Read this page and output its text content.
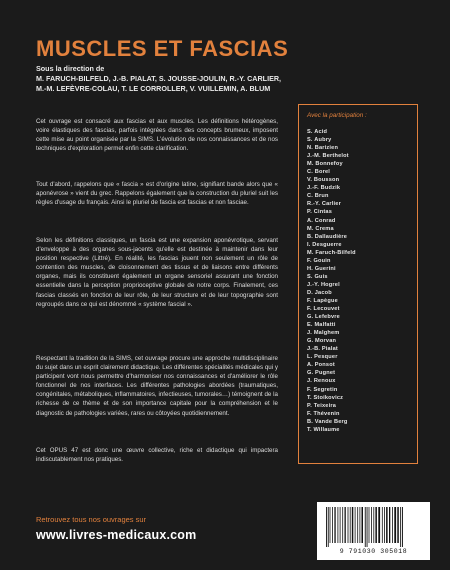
MUSCLES ET FASCIAS
Sous la direction de
M. FARUCH-BILFELD, J.-B. PIALAT, S. JOUSSE-JOULIN, R.-Y. CARLIER,
M.-M. LEFÈVRE-COLAU, T. LE CORROLLER, V. VUILLEMIN, A. BLUM

Cet ouvrage est consacré aux fascias et aux muscles. Les définitions hétérogènes, voire élastiques des fascias, parfois intégrées dans des concepts brumeux, imposent cette mise au point organisée par la SIMS. L'évolution de nos connaissances et de nos techniques d'exploration permet enfin cette clarification.

Tout d'abord, rappelons que « fascia » est d'origine latine, signifiant bande alors que « aponévrose » vient du grec. Rappelons également que la construction du pluriel suit les règles d'usage du français. Ainsi le pluriel de fascia est fascias et non fasciae.

Selon les définitions classiques, un fascia est une expansion aponévrotique, servant d'enveloppe à des organes sous-jacents qu'elle est destinée à maintenir dans leur position respective (Littré). En réalité, les fascias jouent non seulement un rôle de contention des muscles, de cloisonnement des tissus et de liaisons entre différents organes, mais ils constituent également un organe sensoriel assurant une fonction essentielle dans la perception proprioceptive globale de notre corps. Finalement, ces fascias classés en fonction de leur rôle, de leur structure et de leur topographie sont regroupés dans ce qui est dénommé « système fascial ».

Respectant la tradition de la SIMS, cet ouvrage procure une approche multidisciplinaire du sujet dans un esprit clairement didactique. Les différentes spécialités médicales qui y participent vont nous permettre d'harmoniser nos connaissances et d'améliorer le rôle fonctionnel de nos interfaces. Les différentes pathologies abordées (traumatiques, congénitales, métaboliques, inflammatoires, infectieuses, tumorales…) témoignent de la richesse de ce thème et de son importance capitale pour la compréhension et le diagnostic de pathologies variées, rares ou côtoyées quotidiennement.

Cet OPUS 47 est donc une œuvre collective, riche et didactique qui impactera indiscutablement nos pratiques.

Avec la participation :
S. Acid
S. Aubry
N. Barizien
J.-M. Berthelot
M. Bonnefoy
C. Borel
V. Bousson
J.-F. Budzik
C. Brun
R.-Y. Carlier
P. Cintas
A. Conrad
M. Crema
B. Dallaudière
I. Desguerre
M. Faruch-Bilfeld
F. Gouin
H. Guerini
S. Guis
J.-Y. Hogrel
D. Jacob
F. Lapègue
F. Lecouvet
G. Lefebvre
E. Malfatti
J. Malghem
G. Morvan
J.-B. Pialat
L. Pesquer
A. Ponsot
G. Pugnet
J. Renoux
F. Segretin
T. Stoikovicz
P. Teixeira
F. Thévenin
B. Vande Berg
T. Willaume
Retrouvez tous nos ouvrages sur
www.livres-medicaux.com
9 791030 305018
